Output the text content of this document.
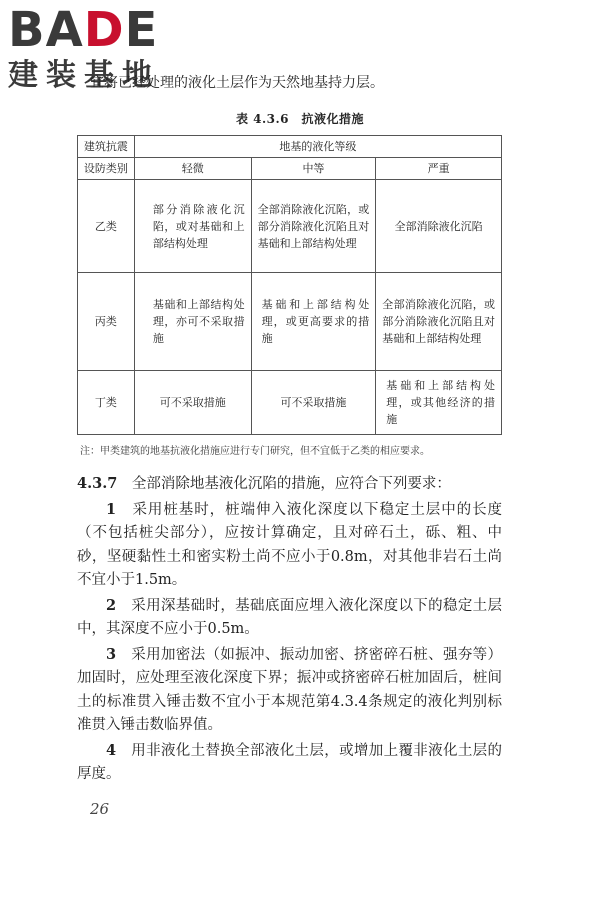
BADE
建装基地
宜将已经处理的液化土层作为天然地基持力层。
表 4.3.6　抗液化措施
建筑抗震	地基的液化等级		
设防类别	轻微	中等	严重
乙类	部分消除液化沉陷，或对基础和上部结构处理	全部消除液化沉陷，或部分消除液化沉陷且对基础和上部结构处理	全部消除液化沉陷
丙类	基础和上部结构处理，亦可不采取措施	基础和上部结构处理，或更高要求的措施	全部消除液化沉陷，或部分消除液化沉陷且对基础和上部结构处理
丁类	可不采取措施	可不采取措施	基础和上部结构处理，或其他经济的措施
注：甲类建筑的地基抗液化措施应进行专门研究，但不宜低于乙类的相应要求。

4.3.7　 全部消除地基液化沉陷的措施，应符合下列要求：

1　 采用桩基时，桩端伸入液化深度以下稳定土层中的长度（不包括桩尖部分），应按计算确定，且对碎石土，砾、粗、中砂，坚硬黏性土和密实粉土尚不应小于0.8m，对其他非岩石土尚不宜小于1.5m。

2　 采用深基础时，基础底面应埋入液化深度以下的稳定土层中，其深度不应小于0.5m。

3　 采用加密法（如振冲、振动加密、挤密碎石桩、强夯等）加固时，应处理至液化深度下界；振冲或挤密碎石桩加固后，桩间土的标准贯入锤击数不宜小于本规范第4.3.4条规定的液化判别标准贯入锤击数临界值。

4　 用非液化土替换全部液化土层，或增加上覆非液化土层的厚度。

26
